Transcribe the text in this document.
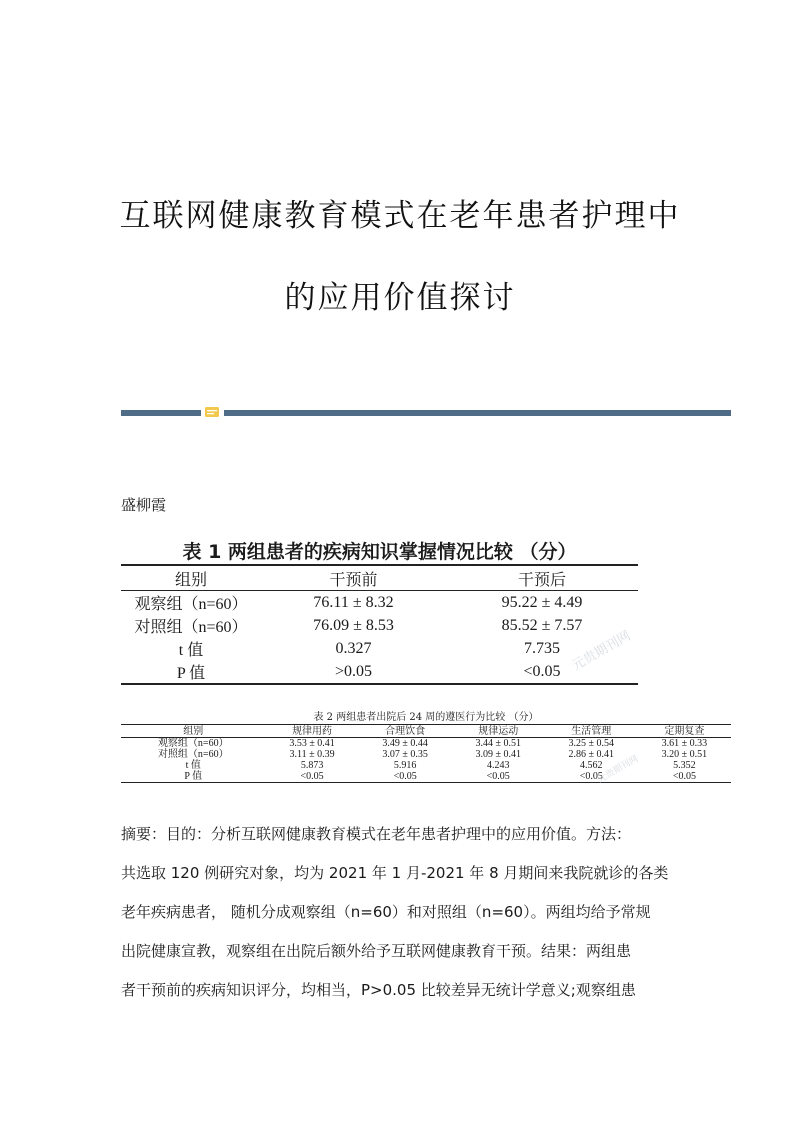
互联网健康教育模式在老年患者护理中
的应用价值探讨

盛柳霞

表 1 两组患者的疾病知识掌握情况比较 （分）
组别	干预前	干预后
观察组（n=60）	76.11 ± 8.32	95.22 ± 4.49
对照组（n=60）	76.09 ± 8.53	85.52 ± 7.57
t 值	0.327	7.735
P 值	>0.05	<0.05 元贵期刊网
表 2 两组患者出院后 24 周的遵医行为比较 （分）
组别	规律用药	合理饮食	规律运动	生活管理	定期复查
观察组（n=60）	3.53 ± 0.41	3.49 ± 0.44	3.44 ± 0.51	3.25 ± 0.54	3.61 ± 0.33
对照组（n=60）	3.11 ± 0.39	3.07 ± 0.35	3.09 ± 0.41	2.86 ± 0.41	3.20 ± 0.51
t 值	5.873	5.916	4.243	4.562	5.352
P 值	<0.05	<0.05	<0.05	<0.05	<0.05
元贵期刊网
摘要：目的：分析互联网健康教育模式在老年患者护理中的应用价值。方法：
共选取 120 例研究对象，均为 2021 年 1 月-2021 年 8 月期间来我院就诊的各类
老年疾病患者， 随机分成观察组（n=60）和对照组（n=60）。两组均给予常规
出院健康宣教，观察组在出院后额外给予互联网健康教育干预。结果：两组患
者干预前的疾病知识评分，均相当，P>0.05 比较差异无统计学意义;观察组患
